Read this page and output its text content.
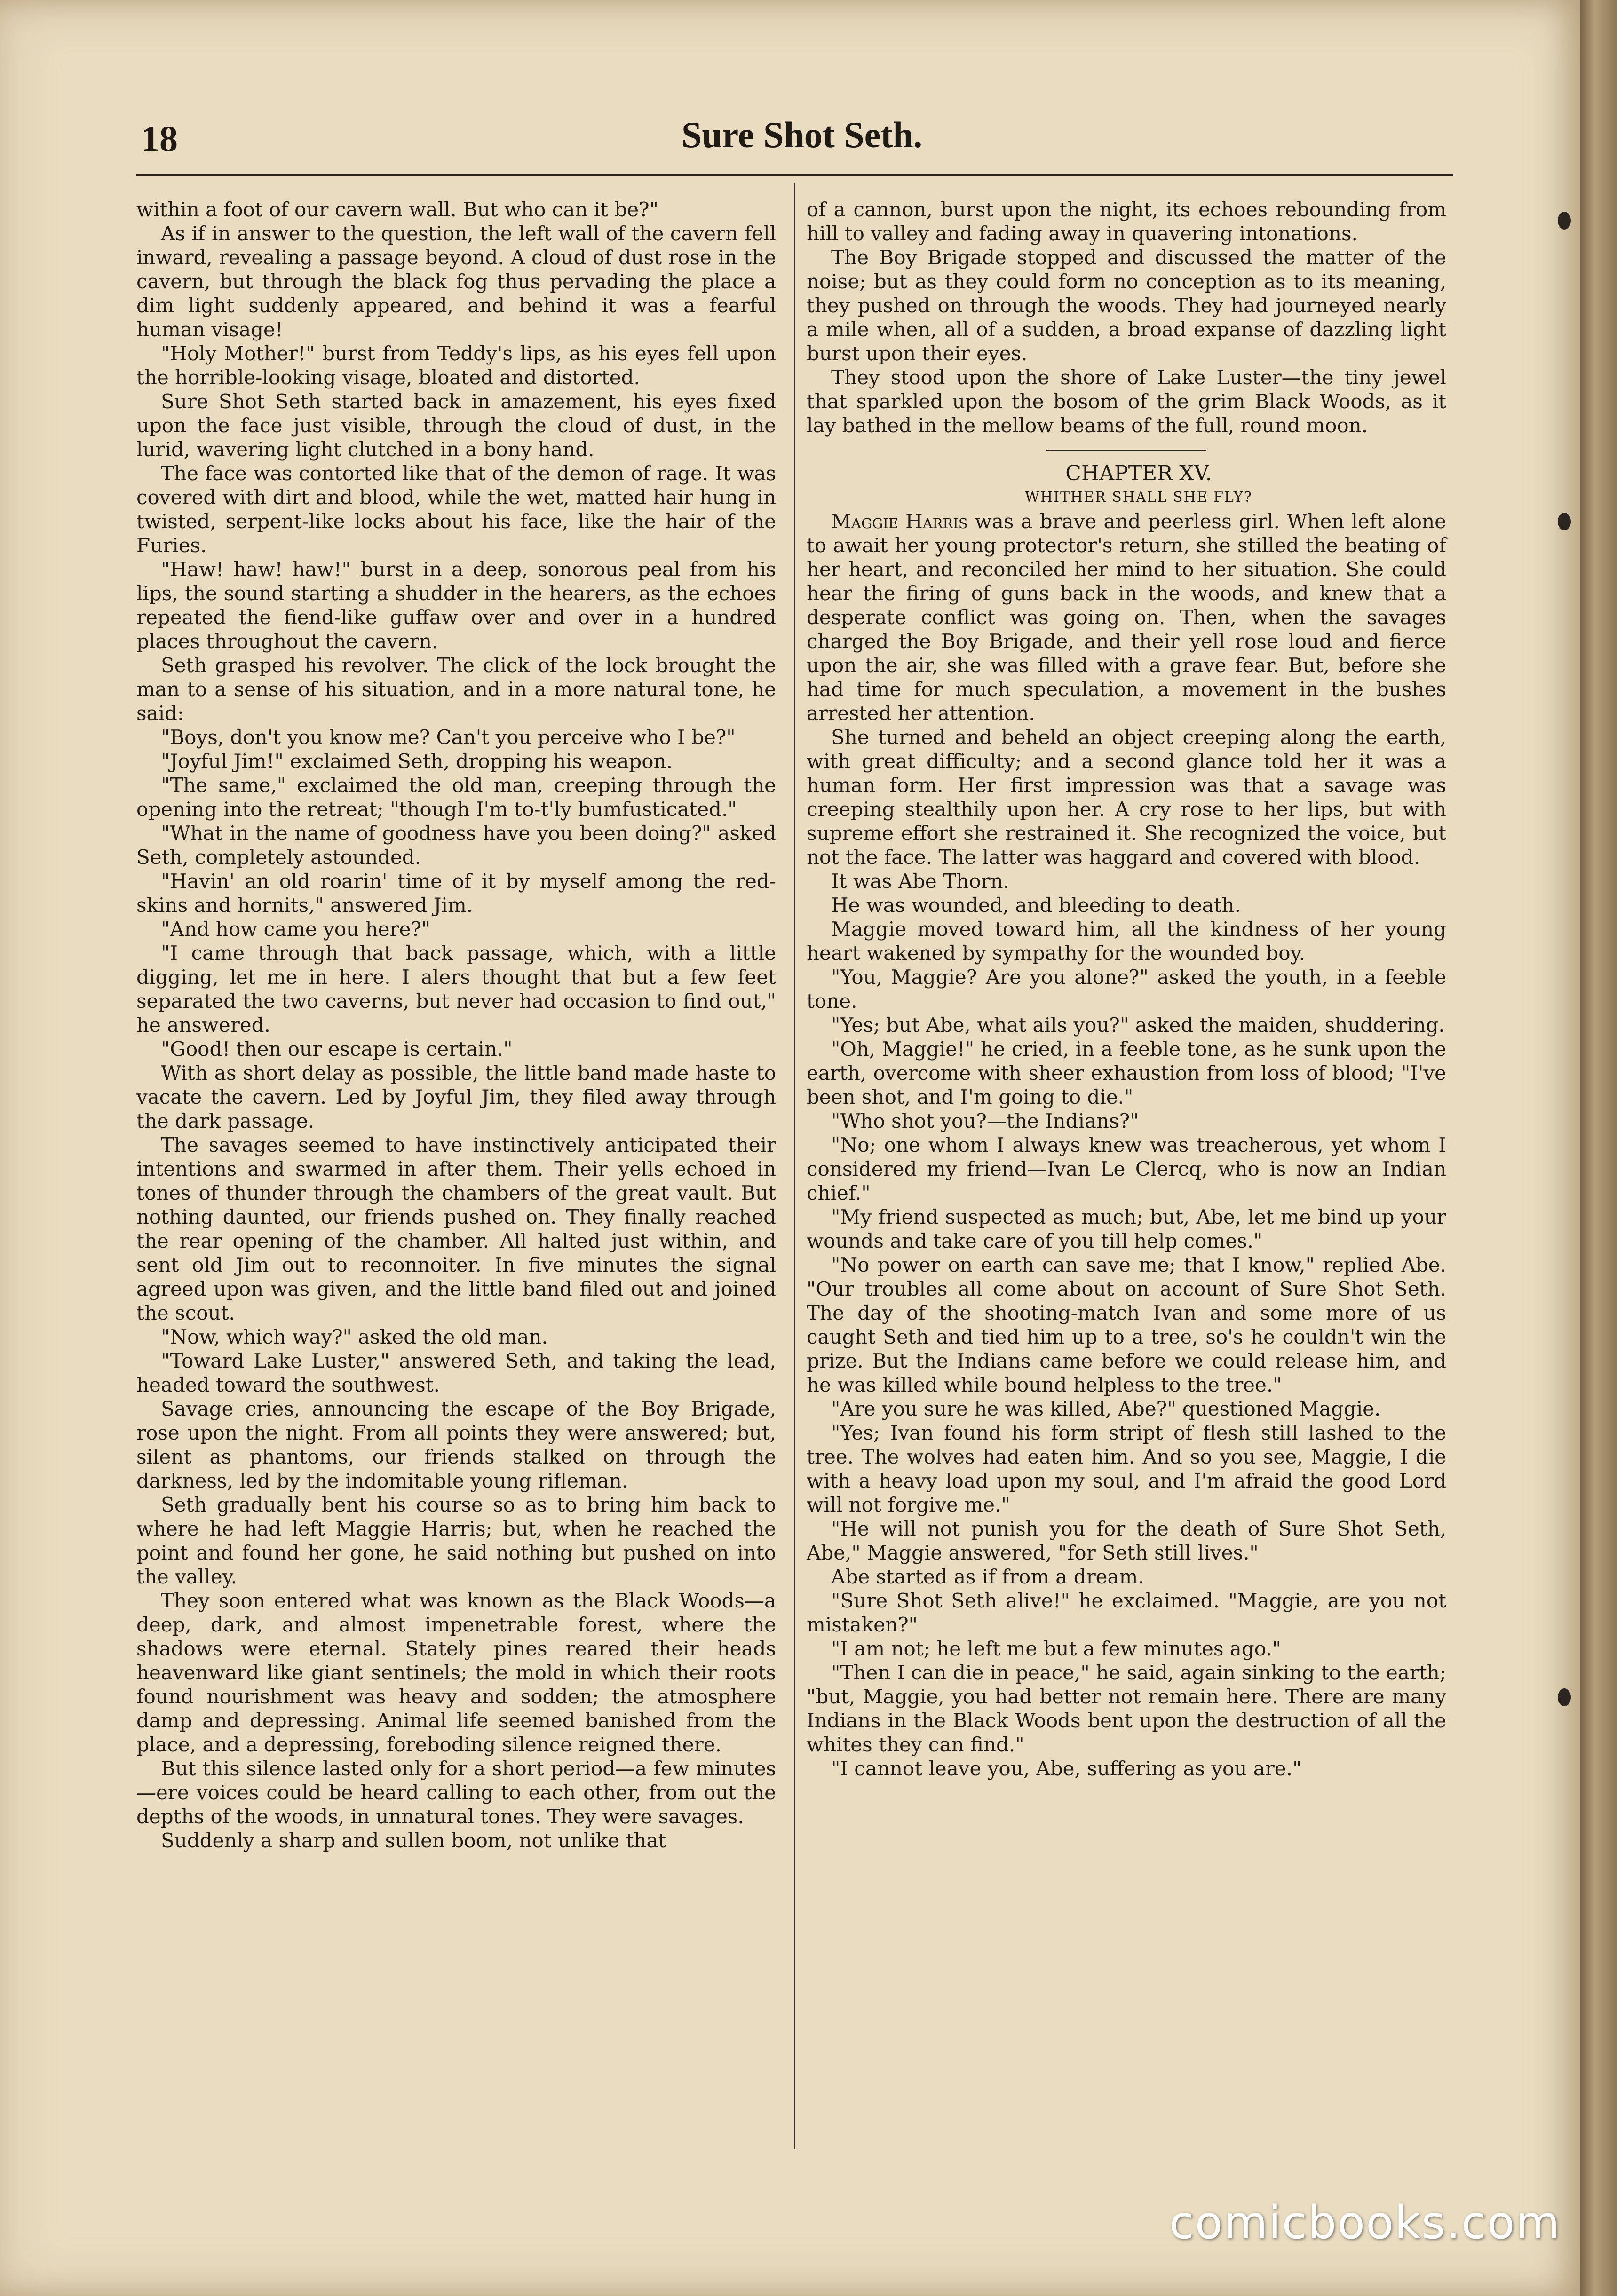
18	Sure Shot Seth.

within a foot of our cavern wall. But who can it be?"

As if in answer to the question, the left wall of the cavern fell inward, revealing a passage beyond. A cloud of dust rose in the cavern, but through the black fog thus pervading the place a dim light suddenly appeared, and behind it was a fearful human visage!

"Holy Mother!" burst from Teddy's lips, as his eyes fell upon the horrible-looking visage, bloated and distorted.

Sure Shot Seth started back in amazement, his eyes fixed upon the face just visible, through the cloud of dust, in the lurid, wavering light clutched in a bony hand.

The face was contorted like that of the demon of rage. It was covered with dirt and blood, while the wet, matted hair hung in twisted, serpent-like locks about his face, like the hair of the Furies.

"Haw! haw! haw!" burst in a deep, sonorous peal from his lips, the sound starting a shudder in the hearers, as the echoes repeated the fiend-like guffaw over and over in a hundred places throughout the cavern.

Seth grasped his revolver. The click of the lock brought the man to a sense of his situation, and in a more natural tone, he said:

"Boys, don't you know me? Can't you perceive who I be?"

"Joyful Jim!" exclaimed Seth, dropping his weapon.

"The same," exclaimed the old man, creeping through the opening into the retreat; "though I'm to-t'ly bumfusticated."

"What in the name of goodness have you been doing?" asked Seth, completely astounded.

"Havin' an old roarin' time of it by myself among the red-skins and hornits," answered Jim.

"And how came you here?"

"I came through that back passage, which, with a little digging, let me in here. I alers thought that but a few feet separated the two caverns, but never had occasion to find out," he answered.

"Good! then our escape is certain."

With as short delay as possible, the little band made haste to vacate the cavern. Led by Joyful Jim, they filed away through the dark passage.

The savages seemed to have instinctively anticipated their intentions and swarmed in after them. Their yells echoed in tones of thunder through the chambers of the great vault. But nothing daunted, our friends pushed on. They finally reached the rear opening of the chamber. All halted just within, and sent old Jim out to reconnoiter. In five minutes the signal agreed upon was given, and the little band filed out and joined the scout.

"Now, which way?" asked the old man.

"Toward Lake Luster," answered Seth, and taking the lead, headed toward the southwest.

Savage cries, announcing the escape of the Boy Brigade, rose upon the night. From all points they were answered; but, silent as phantoms, our friends stalked on through the darkness, led by the indomitable young rifleman.

Seth gradually bent his course so as to bring him back to where he had left Maggie Harris; but, when he reached the point and found her gone, he said nothing but pushed on into the valley.

They soon entered what was known as the Black Woods—a deep, dark, and almost impenetrable forest, where the shadows were eternal. Stately pines reared their heads heavenward like giant sentinels; the mold in which their roots found nourishment was heavy and sodden; the atmosphere damp and depressing. Animal life seemed banished from the place, and a depressing, foreboding silence reigned there.

But this silence lasted only for a short period—a few minutes—ere voices could be heard calling to each other, from out the depths of the woods, in unnatural tones. They were savages.

Suddenly a sharp and sullen boom, not unlike that

of a cannon, burst upon the night, its echoes rebounding from hill to valley and fading away in quavering intonations.

The Boy Brigade stopped and discussed the matter of the noise; but as they could form no conception as to its meaning, they pushed on through the woods. They had journeyed nearly a mile when, all of a sudden, a broad expanse of dazzling light burst upon their eyes.

They stood upon the shore of Lake Luster—the tiny jewel that sparkled upon the bosom of the grim Black Woods, as it lay bathed in the mellow beams of the full, round moon.

CHAPTER XV.

WHITHER SHALL SHE FLY?

Maggie Harris was a brave and peerless girl. When left alone to await her young protector's return, she stilled the beating of her heart, and reconciled her mind to her situation. She could hear the firing of guns back in the woods, and knew that a desperate conflict was going on. Then, when the savages charged the Boy Brigade, and their yell rose loud and fierce upon the air, she was filled with a grave fear. But, before she had time for much speculation, a movement in the bushes arrested her attention.

She turned and beheld an object creeping along the earth, with great difficulty; and a second glance told her it was a human form. Her first impression was that a savage was creeping stealthily upon her. A cry rose to her lips, but with supreme effort she restrained it. She recognized the voice, but not the face. The latter was haggard and covered with blood.

It was Abe Thorn.

He was wounded, and bleeding to death.

Maggie moved toward him, all the kindness of her young heart wakened by sympathy for the wounded boy.

"You, Maggie? Are you alone?" asked the youth, in a feeble tone.

"Yes; but Abe, what ails you?" asked the maiden, shuddering.

"Oh, Maggie!" he cried, in a feeble tone, as he sunk upon the earth, overcome with sheer exhaustion from loss of blood; "I've been shot, and I'm going to die."

"Who shot you?—the Indians?"

"No; one whom I always knew was treacherous, yet whom I considered my friend—Ivan Le Clercq, who is now an Indian chief."

"My friend suspected as much; but, Abe, let me bind up your wounds and take care of you till help comes."

"No power on earth can save me; that I know," replied Abe. "Our troubles all come about on account of Sure Shot Seth. The day of the shooting-match Ivan and some more of us caught Seth and tied him up to a tree, so's he couldn't win the prize. But the Indians came before we could release him, and he was killed while bound helpless to the tree."

"Are you sure he was killed, Abe?" questioned Maggie.

"Yes; Ivan found his form stript of flesh still lashed to the tree. The wolves had eaten him. And so you see, Maggie, I die with a heavy load upon my soul, and I'm afraid the good Lord will not forgive me."

"He will not punish you for the death of Sure Shot Seth, Abe," Maggie answered, "for Seth still lives."

Abe started as if from a dream.

"Sure Shot Seth alive!" he exclaimed. "Maggie, are you not mistaken?"

"I am not; he left me but a few minutes ago."

"Then I can die in peace," he said, again sinking to the earth; "but, Maggie, you had better not remain here. There are many Indians in the Black Woods bent upon the destruction of all the whites they can find."

"I cannot leave you, Abe, suffering as you are."

comicbooks.com
